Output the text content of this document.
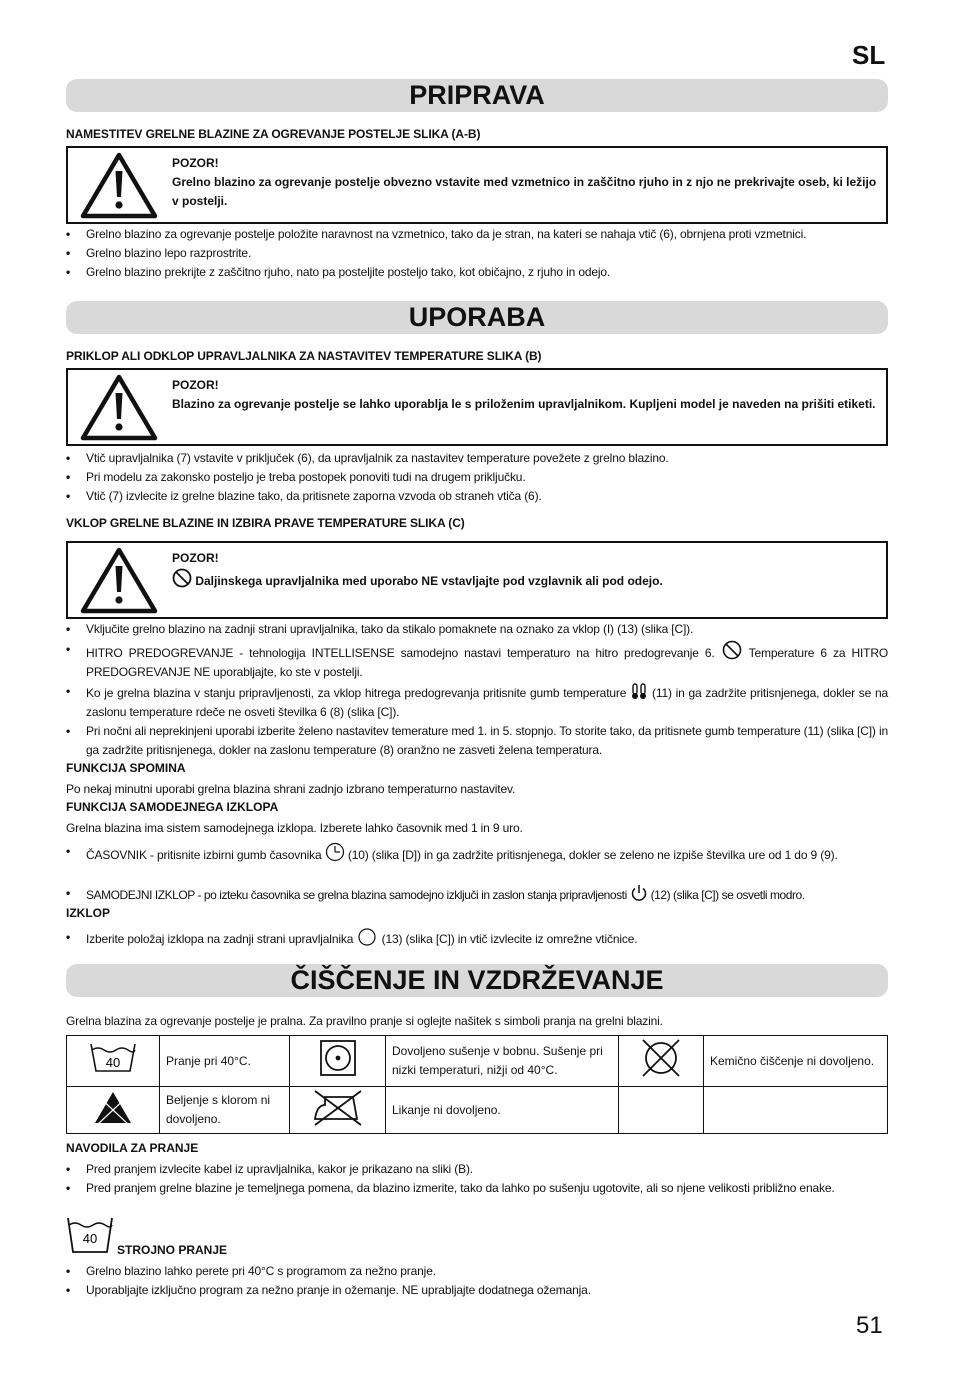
SL
PRIPRAVA
NAMESTITEV GRELNE BLAZINE ZA OGREVANJE POSTELJE SLIKA (A-B)
POZOR!
Grelno blazino za ogrevanje postelje obvezno vstavite med vzmetnico in zaščitno rjuho in z njo ne prekrivajte oseb, ki ležijo v postelji.
• Grelno blazino za ogrevanje postelje položite naravnost na vzmetnico, tako da je stran, na kateri se nahaja vtič (6), obrnjena proti vzmetnici.
• Grelno blazino lepo razprostrite.
• Grelno blazino prekrijte z zaščitno rjuho, nato pa posteljite posteljo tako, kot običajno, z rjuho in odejo.
UPORABA
PRIKLOP ALI ODKLOP UPRAVLJALNIKA ZA NASTAVITEV TEMPERATURE SLIKA (B)
POZOR!
Blazino za ogrevanje postelje se lahko uporablja le s priloženim upravljalnikom. Kupljeni model je naveden na prišiti etiketi.
• Vtič upravljalnika (7) vstavite v priključek (6), da upravljalnik za nastavitev temperature povežete z grelno blazino.
• Pri modelu za zakonsko posteljo je treba postopek ponoviti tudi na drugem priključku.
• Vtič (7) izvlecite iz grelne blazine tako, da pritisnete zaporna vzvoda ob straneh vtiča (6).
VKLOP GRELNE BLAZINE IN IZBIRA PRAVE TEMPERATURE SLIKA (C)
POZOR!
Daljinskega upravljalnika med uporabo NE vstavljajte pod vzglavnik ali pod odejo.
• Vključite grelno blazino na zadnji strani upravljalnika, tako da stikalo pomaknete na oznako za vklop (I) (13) (slika [C]).
• HITRO PREDOGREVANJE - tehnologija INTELLISENSE samodejno nastavi temperaturo na hitro predogrevanje 6.	Temperature 6 za HITRO PREDOGREVANJE NE uporabljajte, ko ste v postelji.
• Ko je grelna blazina v stanju pripravljenosti, za vklop hitrega predogrevanja pritisnite gumb temperature (11) in ga zadržite pritisnjenega, dokler se na zaslonu temperature rdeče ne osveti številka 6 (8) (slika [C]).
• Pri nočni ali neprekinjeni uporabi izberite želeno nastavitev temerature med 1. in 5. stopnjo. To storite tako, da pritisnete gumb temperature (11) (slika [C]) in ga zadržite pritisnjenega, dokler na zaslonu temperature (8) oranžno ne zasveti želena temperatura.
FUNKCIJA SPOMINA
Po nekaj minutni uporabi grelna blazina shrani zadnjo izbrano temperaturno nastavitev.
FUNKCIJA SAMODEJNEGA IZKLOPA
Grelna blazina ima sistem samodejnega izklopa. Izberete lahko časovnik med 1 in 9 uro.
• ČASOVNIK - pritisnite izbirni gumb časovnika (10) (slika [D]) in ga zadržite pritisnjenega, dokler se zeleno ne izpiše številka ure od 1 do 9 (9).
• SAMODEJNI IZKLOP - po izteku časovnika se grelna blazina samodejno izključi in zaslon stanja pripravljenosti (12) (slika [C]) se osvetli modro.
IZKLOP
• Izberite položaj izklopa na zadnji strani upravljalnika (13) (slika [C]) in vtič izvlecite iz omrežne vtičnice.
ČIŠČENJE IN VZDRŽEVANJE
Grelna blazina za ogrevanje postelje je pralna. Za pravilno pranje si oglejte našitek s simboli pranja na grelni blazini.
40	Pranje pri 40°C.		Dovoljeno sušenje v bobnu. Sušenje pri nizki temperaturi, nižji od 40°C.		Kemično čiščenje ni dovoljeno.
	Beljenje s klorom ni dovoljeno.		Likanje ni dovoljeno.		
NAVODILA ZA PRANJE
• Pred pranjem izvlecite kabel iz upravljalnika, kakor je prikazano na sliki (B).
• Pred pranjem grelne blazine je temeljnega pomena, da blazino izmerite, tako da lahko po sušenju ugotovite, ali so njene velikosti približno enake.
40
STROJNO PRANJE
• Grelno blazino lahko perete pri 40°C s programom za nežno pranje.
• Uporabljajte izključno program za nežno pranje in ožemanje. NE uprabljajte dodatnega ožemanja.
51
